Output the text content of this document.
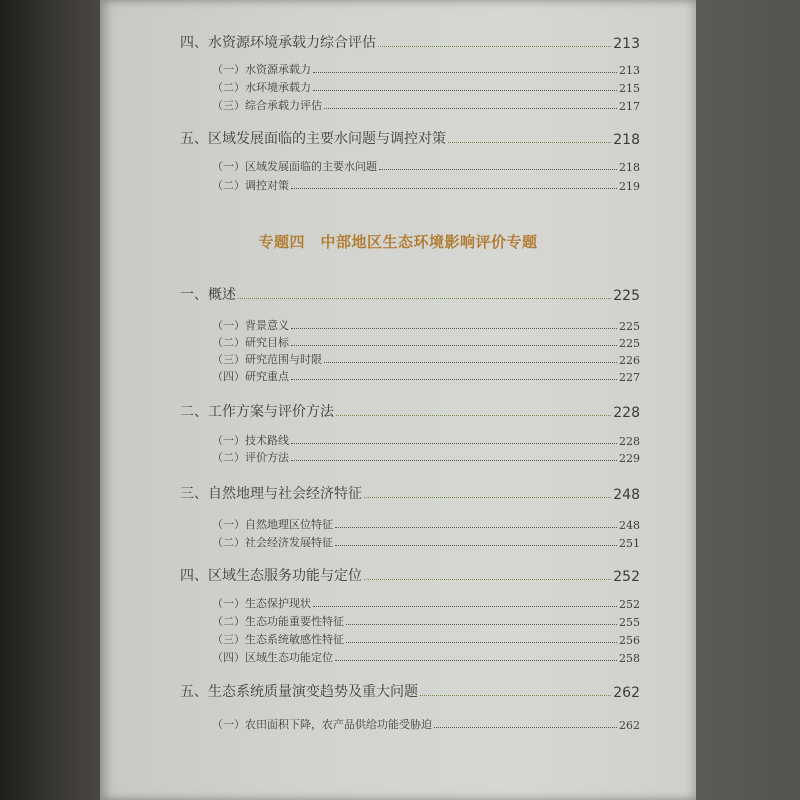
四、水资源环境承载力综合评估	213
（一）水资源承载力	213
（二）水环境承载力	215
（三）综合承载力评估	217
五、区域发展面临的主要水问题与调控对策	218
（一）区域发展面临的主要水问题	218
（二）调控对策	219
专题四　中部地区生态环境影响评价专题
一、概述	225
（一）背景意义	225
（二）研究目标	225
（三）研究范围与时限	226
（四）研究重点	227
二、工作方案与评价方法	228
（一）技术路线	228
（二）评价方法	229
三、自然地理与社会经济特征	248
（一）自然地理区位特征	248
（二）社会经济发展特征	251
四、区域生态服务功能与定位	252
（一）生态保护现状	252
（二）生态功能重要性特征	255
（三）生态系统敏感性特征	256
（四）区域生态功能定位	258
五、生态系统质量演变趋势及重大问题	262
（一）农田面积下降，农产品供给功能受胁迫	262
